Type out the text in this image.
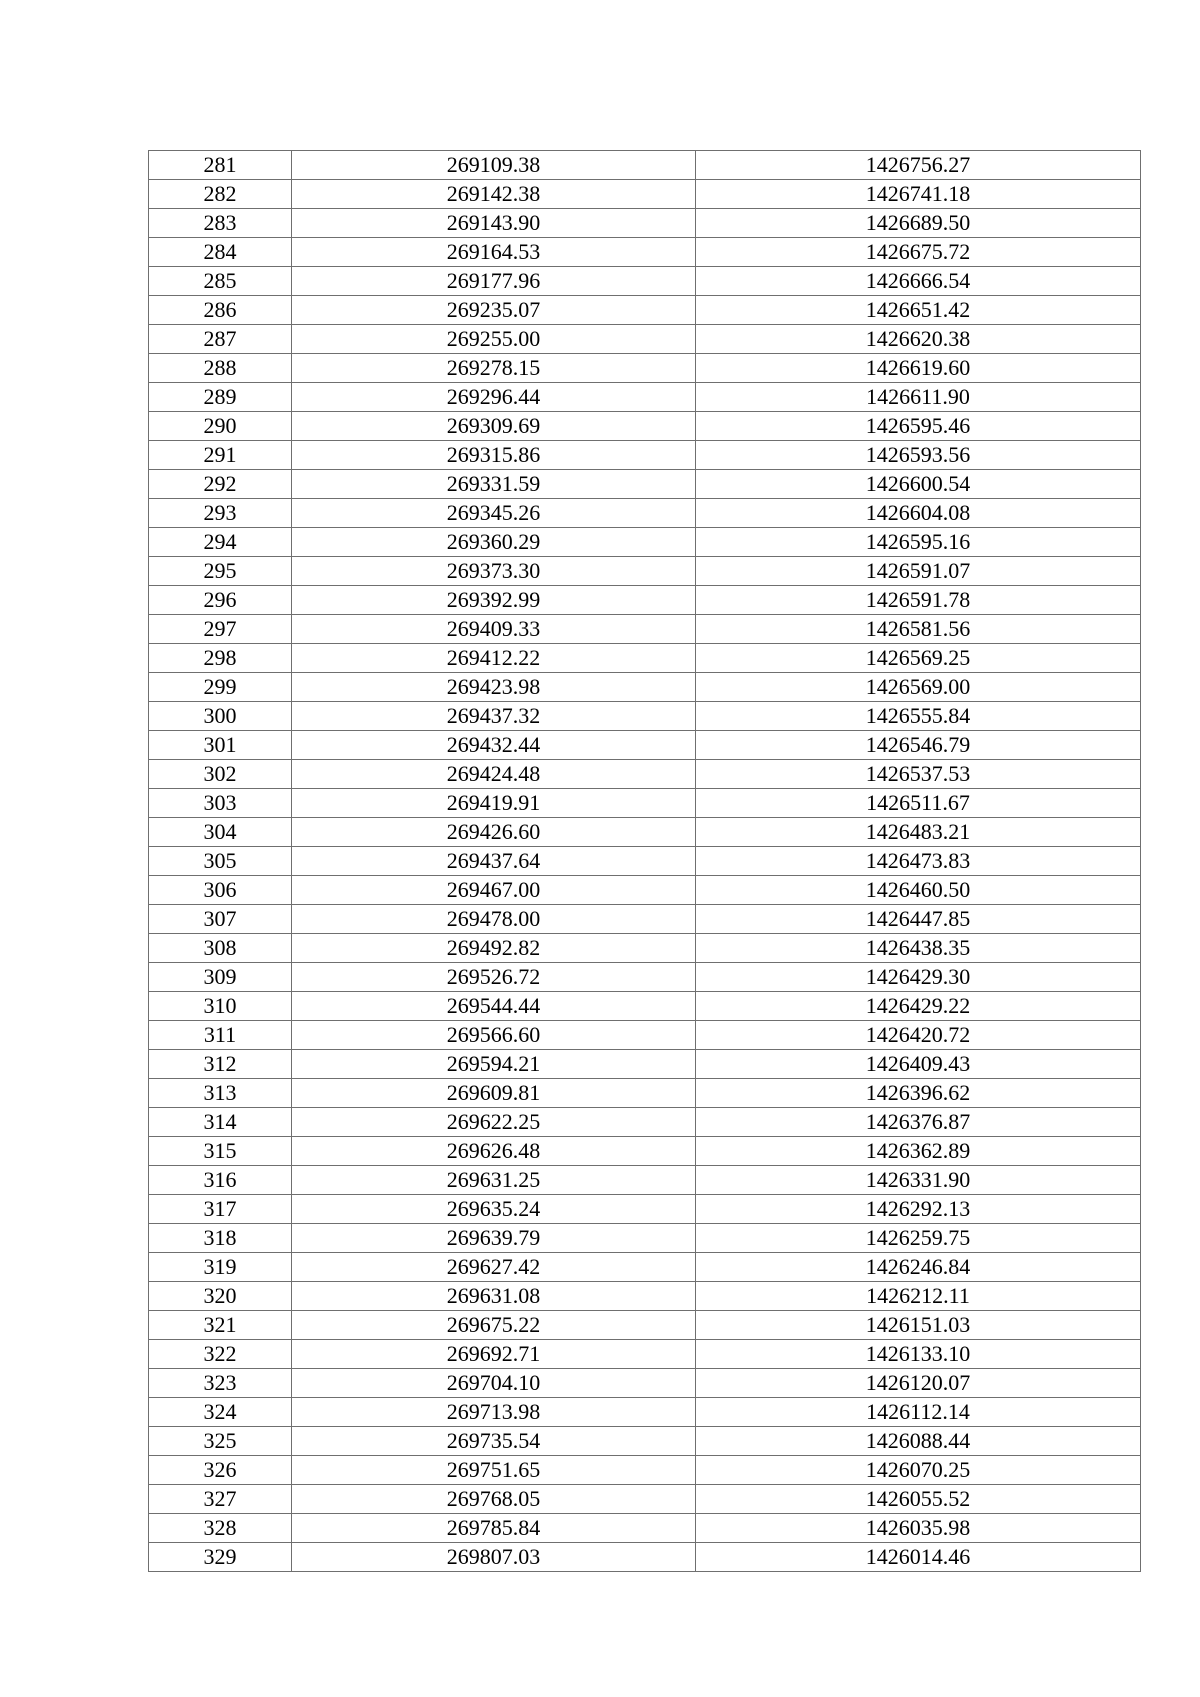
281	269109.38	1426756.27
282	269142.38	1426741.18
283	269143.90	1426689.50
284	269164.53	1426675.72
285	269177.96	1426666.54
286	269235.07	1426651.42
287	269255.00	1426620.38
288	269278.15	1426619.60
289	269296.44	1426611.90
290	269309.69	1426595.46
291	269315.86	1426593.56
292	269331.59	1426600.54
293	269345.26	1426604.08
294	269360.29	1426595.16
295	269373.30	1426591.07
296	269392.99	1426591.78
297	269409.33	1426581.56
298	269412.22	1426569.25
299	269423.98	1426569.00
300	269437.32	1426555.84
301	269432.44	1426546.79
302	269424.48	1426537.53
303	269419.91	1426511.67
304	269426.60	1426483.21
305	269437.64	1426473.83
306	269467.00	1426460.50
307	269478.00	1426447.85
308	269492.82	1426438.35
309	269526.72	1426429.30
310	269544.44	1426429.22
311	269566.60	1426420.72
312	269594.21	1426409.43
313	269609.81	1426396.62
314	269622.25	1426376.87
315	269626.48	1426362.89
316	269631.25	1426331.90
317	269635.24	1426292.13
318	269639.79	1426259.75
319	269627.42	1426246.84
320	269631.08	1426212.11
321	269675.22	1426151.03
322	269692.71	1426133.10
323	269704.10	1426120.07
324	269713.98	1426112.14
325	269735.54	1426088.44
326	269751.65	1426070.25
327	269768.05	1426055.52
328	269785.84	1426035.98
329	269807.03	1426014.46
